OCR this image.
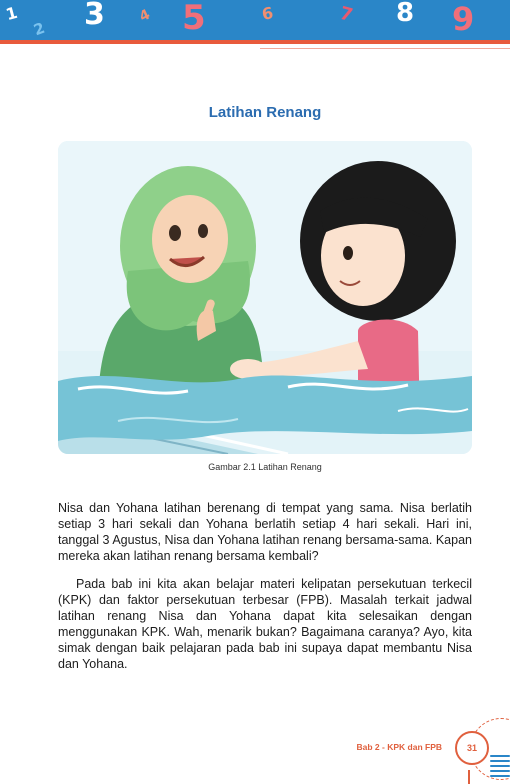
1
2 3 4 5	6	7 8 9
Latihan Renang
Gambar 2.1 Latihan Renang

Nisa dan Yohana latihan berenang di tempat yang sama. Nisa berlatih setiap 3 hari sekali dan Yohana berlatih setiap 4 hari sekali. Hari ini, tanggal 3 Agustus, Nisa dan Yohana latihan renang bersama-sama. Kapan mereka akan latihan renang bersama kembali?

Pada bab ini kita akan belajar materi kelipatan persekutuan terkecil (KPK) dan faktor persekutuan terbesar (FPB). Masalah terkait jadwal latihan renang Nisa dan Yohana dapat kita selesaikan dengan menggunakan KPK. Wah, menarik bukan? Bagaimana caranya? Ayo, kita simak dengan baik pelajaran pada bab ini supaya dapat membantu Nisa dan Yohana.

Bab 2 - KPK dan FPB	31
